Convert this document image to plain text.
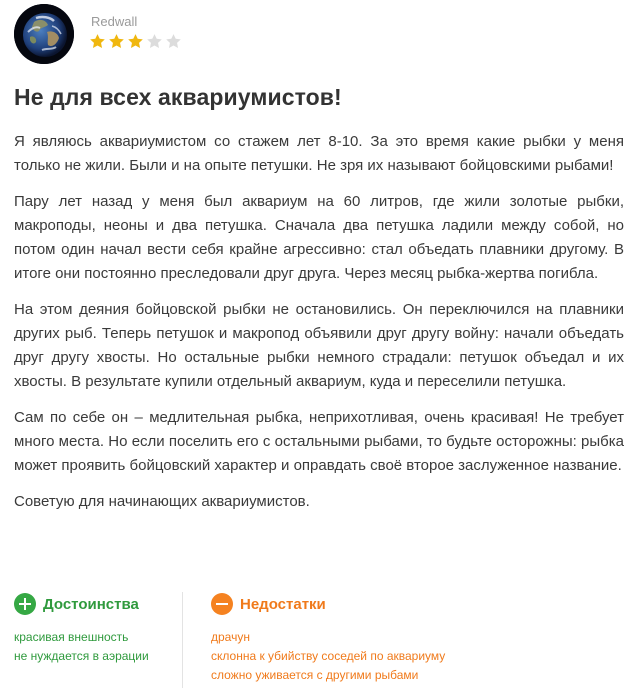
Redwall
Не для всех аквариумистов!

Я являюсь аквариумистом со стажем лет 8-10. За это время какие рыбки у меня только не жили. Были и на опыте петушки. Не зря их называют бойцовскими рыбами!

Пару лет назад у меня был аквариум на 60 литров, где жили золотые рыбки, макроподы, неоны и два петушка. Сначала два петушка ладили между собой, но потом один начал вести себя крайне агрессивно: стал объедать плавники другому. В итоге они постоянно преследовали друг друга. Через месяц рыбка-жертва погибла.

На этом деяния бойцовской рыбки не остановились. Он переключился на плавники других рыб. Теперь петушок и макропод объявили друг другу войну: начали объедать друг другу хвосты. Но остальные рыбки немного страдали: петушок объедал и их хвосты. В результате купили отдельный аквариум, куда и переселили петушка.

Сам по себе он – медлительная рыбка, неприхотливая, очень красивая! Не требует много места. Но если поселить его с остальными рыбами, то будьте осторожны: рыбка может проявить бойцовский характер и оправдать своё второе заслуженное название.

Советую для начинающих аквариумистов.

Достоинства
красивая внешность
не нуждается в аэрации
Недостатки
драчун
склонна к убийству соседей по аквариуму
сложно уживается с другими рыбами
